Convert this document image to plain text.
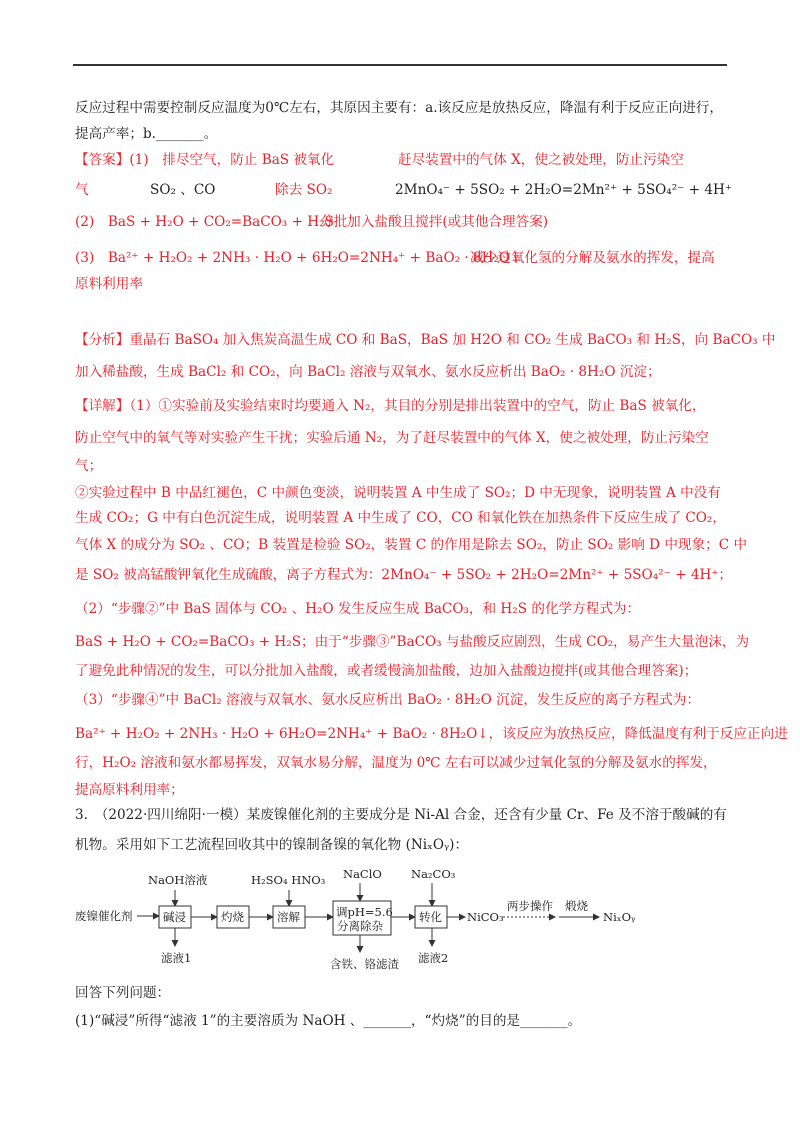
反应过程中需要控制反应温度为0℃左右，其原因主要有：a.该反应是放热反应，降温有利于反应正向进行，
提高产率；b._______。
【答案】(1)　排尽空气，防止 BaS 被氧化	赶尽装置中的气体 X，使之被处理，防止污染空
气	SO₂ 、CO	除去 SO₂	2MnO₄⁻ + 5SO₂ + 2H₂O=2Mn²⁺ + 5SO₄²⁻ + 4H⁺
(2)　BaS + H₂O + CO₂=BaCO₃ + H₂S
分批加入盐酸且搅拌(或其他合理答案)
(3)　Ba²⁺ + H₂O₂ + 2NH₃ · H₂O + 6H₂O=2NH₄⁺ + BaO₂ · 8H₂O↓
减少过氧化氢的分解及氨水的挥发，提高
原料利用率
【分析】重晶石 BaSO₄ 加入焦炭高温生成 CO 和 BaS，BaS 加 H2O 和 CO₂ 生成 BaCO₃ 和 H₂S，向 BaCO₃ 中
加入稀盐酸，生成 BaCl₂ 和 CO₂，向 BaCl₂ 溶液与双氧水、氨水反应析出 BaO₂ · 8H₂O 沉淀；
【详解】（1）①实验前及实验结束时均要通入 N₂，其目的分别是排出装置中的空气，防止 BaS 被氧化，
防止空气中的氧气等对实验产生干扰；实验后通 N₂，为了赶尽装置中的气体 X，使之被处理，防止污染空
气；
②实验过程中 B 中品红褪色，C 中颜色变淡，说明装置 A 中生成了 SO₂；D 中无现象，说明装置 A 中没有
生成 CO₂；G 中有白色沉淀生成，说明装置 A 中生成了 CO，CO 和氧化铁在加热条件下反应生成了 CO₂，
气体 X 的成分为 SO₂ 、CO；B 装置是检验 SO₂，装置 C 的作用是除去 SO₂，防止 SO₂ 影响 D 中现象；C 中
是 SO₂ 被高锰酸钾氧化生成硫酸，离子方程式为：2MnO₄⁻ + 5SO₂ + 2H₂O=2Mn²⁺ + 5SO₄²⁻ + 4H⁺；
（2）“步骤②”中 BaS 固体与 CO₂ 、H₂O 发生反应生成 BaCO₃，和 H₂S 的化学方程式为：
BaS + H₂O + CO₂=BaCO₃ + H₂S；由于“步骤③”BaCO₃ 与盐酸反应剧烈，生成 CO₂，易产生大量泡沫，为
了避免此种情况的发生，可以分批加入盐酸，或者缓慢滴加盐酸，边加入盐酸边搅拌(或其他合理答案)；
（3）“步骤④”中 BaCl₂ 溶液与双氧水、氨水反应析出 BaO₂ · 8H₂O 沉淀，发生反应的离子方程式为：
Ba²⁺ + H₂O₂ + 2NH₃ · H₂O + 6H₂O=2NH₄⁺ + BaO₂ · 8H₂O↓，该反应为放热反应，降低温度有利于反应正向进
行，H₂O₂ 溶液和氨水都易挥发，双氧水易分解，温度为 0℃ 左右可以减少过氧化氢的分解及氨水的挥发，
提高原料利用率；
3.　（2022·四川绵阳·一模）某废镍催化剂的主要成分是 Ni-Al 合金，还含有少量 Cr、Fe 及不溶于酸碱的有
机物。采用如下工艺流程回收其中的镍制备镍的氧化物 (NiₓOᵧ)：
废镍催化剂
NaOH溶液
碱浸
滤液1
灼烧
H₂SO₄ HNO₃
溶解
NaClO
调pH=5.6
分离除杂
含铁、铬滤渣
Na₂CO₃
转化
滤液2
NiCO₃
两步操作 煅烧
NiₓOᵧ
回答下列问题：
(1)“碱浸”所得“滤液 1”的主要溶质为 NaOH 、_______，“灼烧”的目的是_______。
